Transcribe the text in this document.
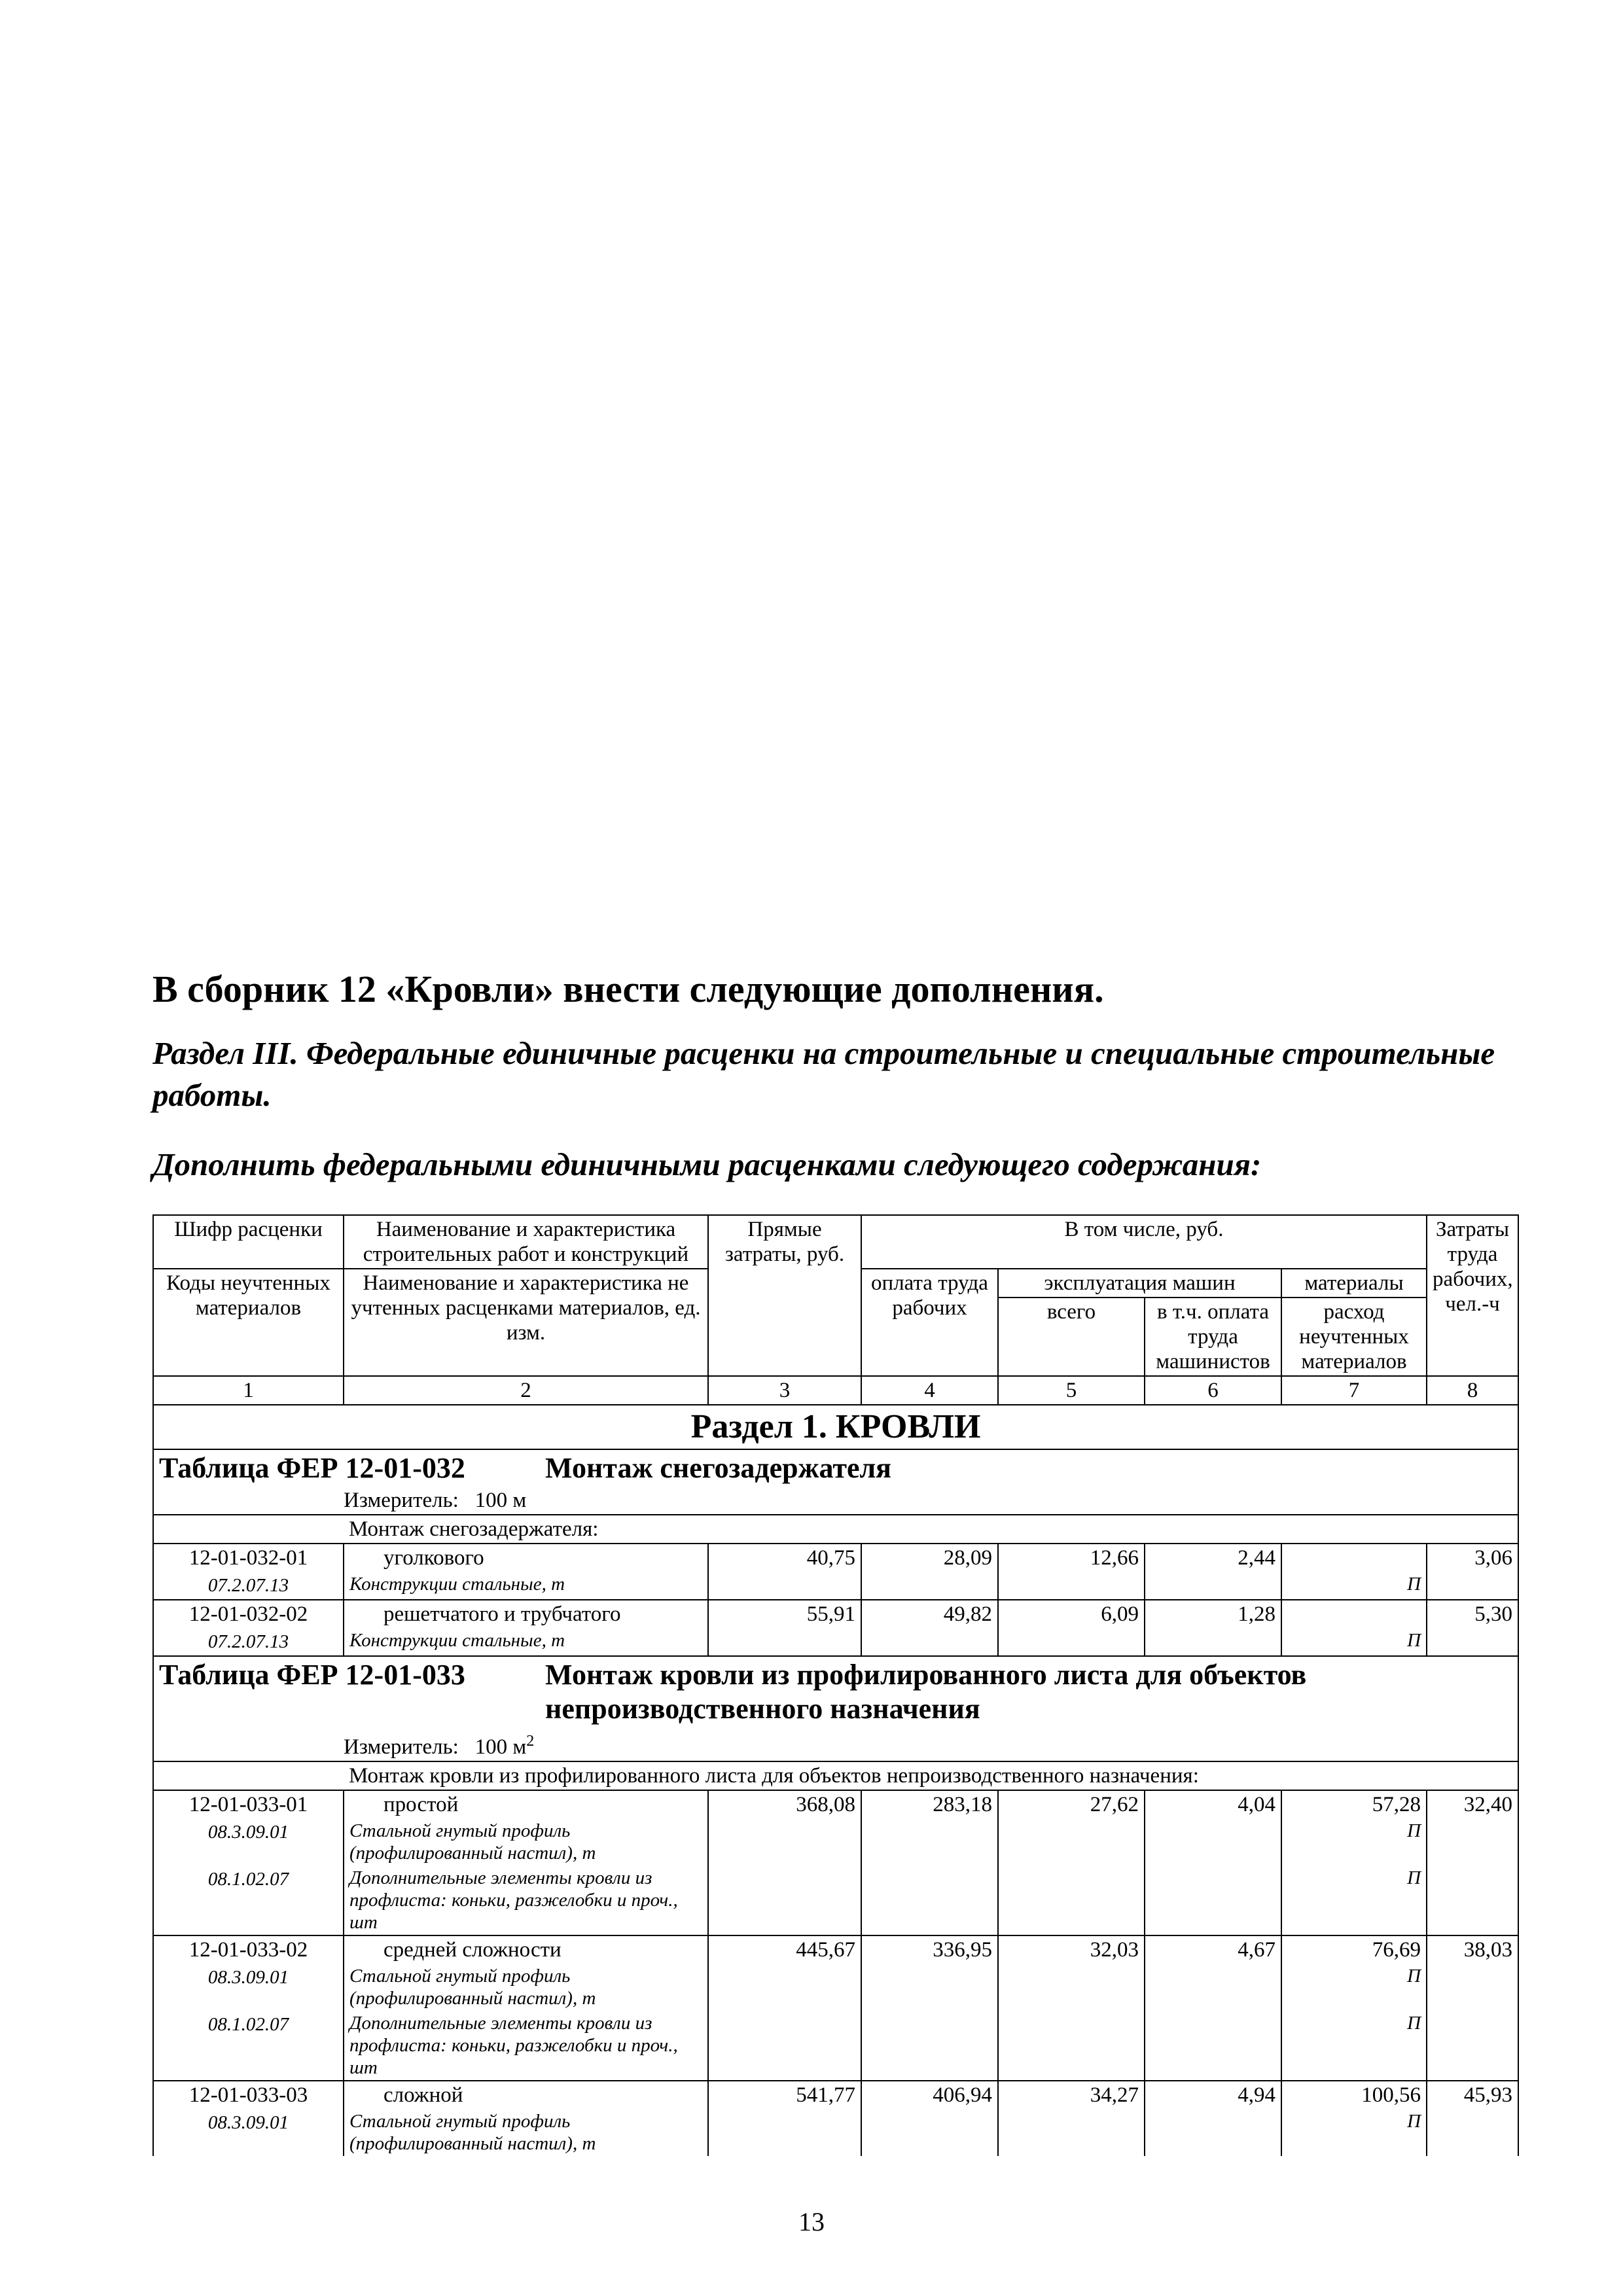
В сборник 12 «Кровли» внести следующие дополнения.
Раздел III. Федеральные единичные расценки на строительные и специальные строительные работы.
Дополнить федеральными единичными расценками следующего содержания:
Шифр расценки	Наименование и характеристика строительных работ и конструкций	Прямые затраты, руб.	В том числе, руб.				Затраты труда рабочих, чел.-ч
Коды неучтенных материалов	Наименование и характеристика не учтенных расценками материалов, ед. изм.		оплата труда рабочих	эксплуатация машин		материалы	
				всего	в т.ч. оплата труда машинистов	расход неучтенных материалов	
1	2	3	4	5	6	7	8
Раздел 1. КРОВЛИ							
Таблица ФЕР 12-01-032 Монтаж снегозадержателя							
Измеритель: 100 м							
	Монтаж снегозадержателя:						
12-01-032-01	уголкового	40,75	28,09	12,66	2,44		3,06
07.2.07.13	Конструкции стальные, т					П	
12-01-032-02	решетчатого и трубчатого	55,91	49,82	6,09	1,28		5,30
07.2.07.13	Конструкции стальные, т					П	
Таблица ФЕР 12-01-033 Монтаж кровли из профилированного листа для объектов непроизводственного назначения							
Измеритель: 100 $м^2$
	Монтаж кровли из профилированного листа для объектов непроизводственного назначения:						
12-01-033-01	простой	368,08	283,18	27,62	4,04	57,28	32,40
08.3.09.01	Стальной гнутый профиль (профилированный настил), т					П	
08.1.02.07	Дополнительные элементы кровли из профлиста: коньки, разжелобки и проч., шт					П	
12-01-033-02	средней сложности	445,67	336,95	32,03	4,67	76,69	38,03
08.3.09.01	Стальной гнутый профиль (профилированный настил), т					П	
08.1.02.07	Дополнительные элементы кровли из профлиста: коньки, разжелобки и проч., шт					П	
12-01-033-03	сложной	541,77	406,94	34,27	4,94	100,56	45,93
08.3.09.01	Стальной гнутый профиль (профилированный настил), т					П	
13
